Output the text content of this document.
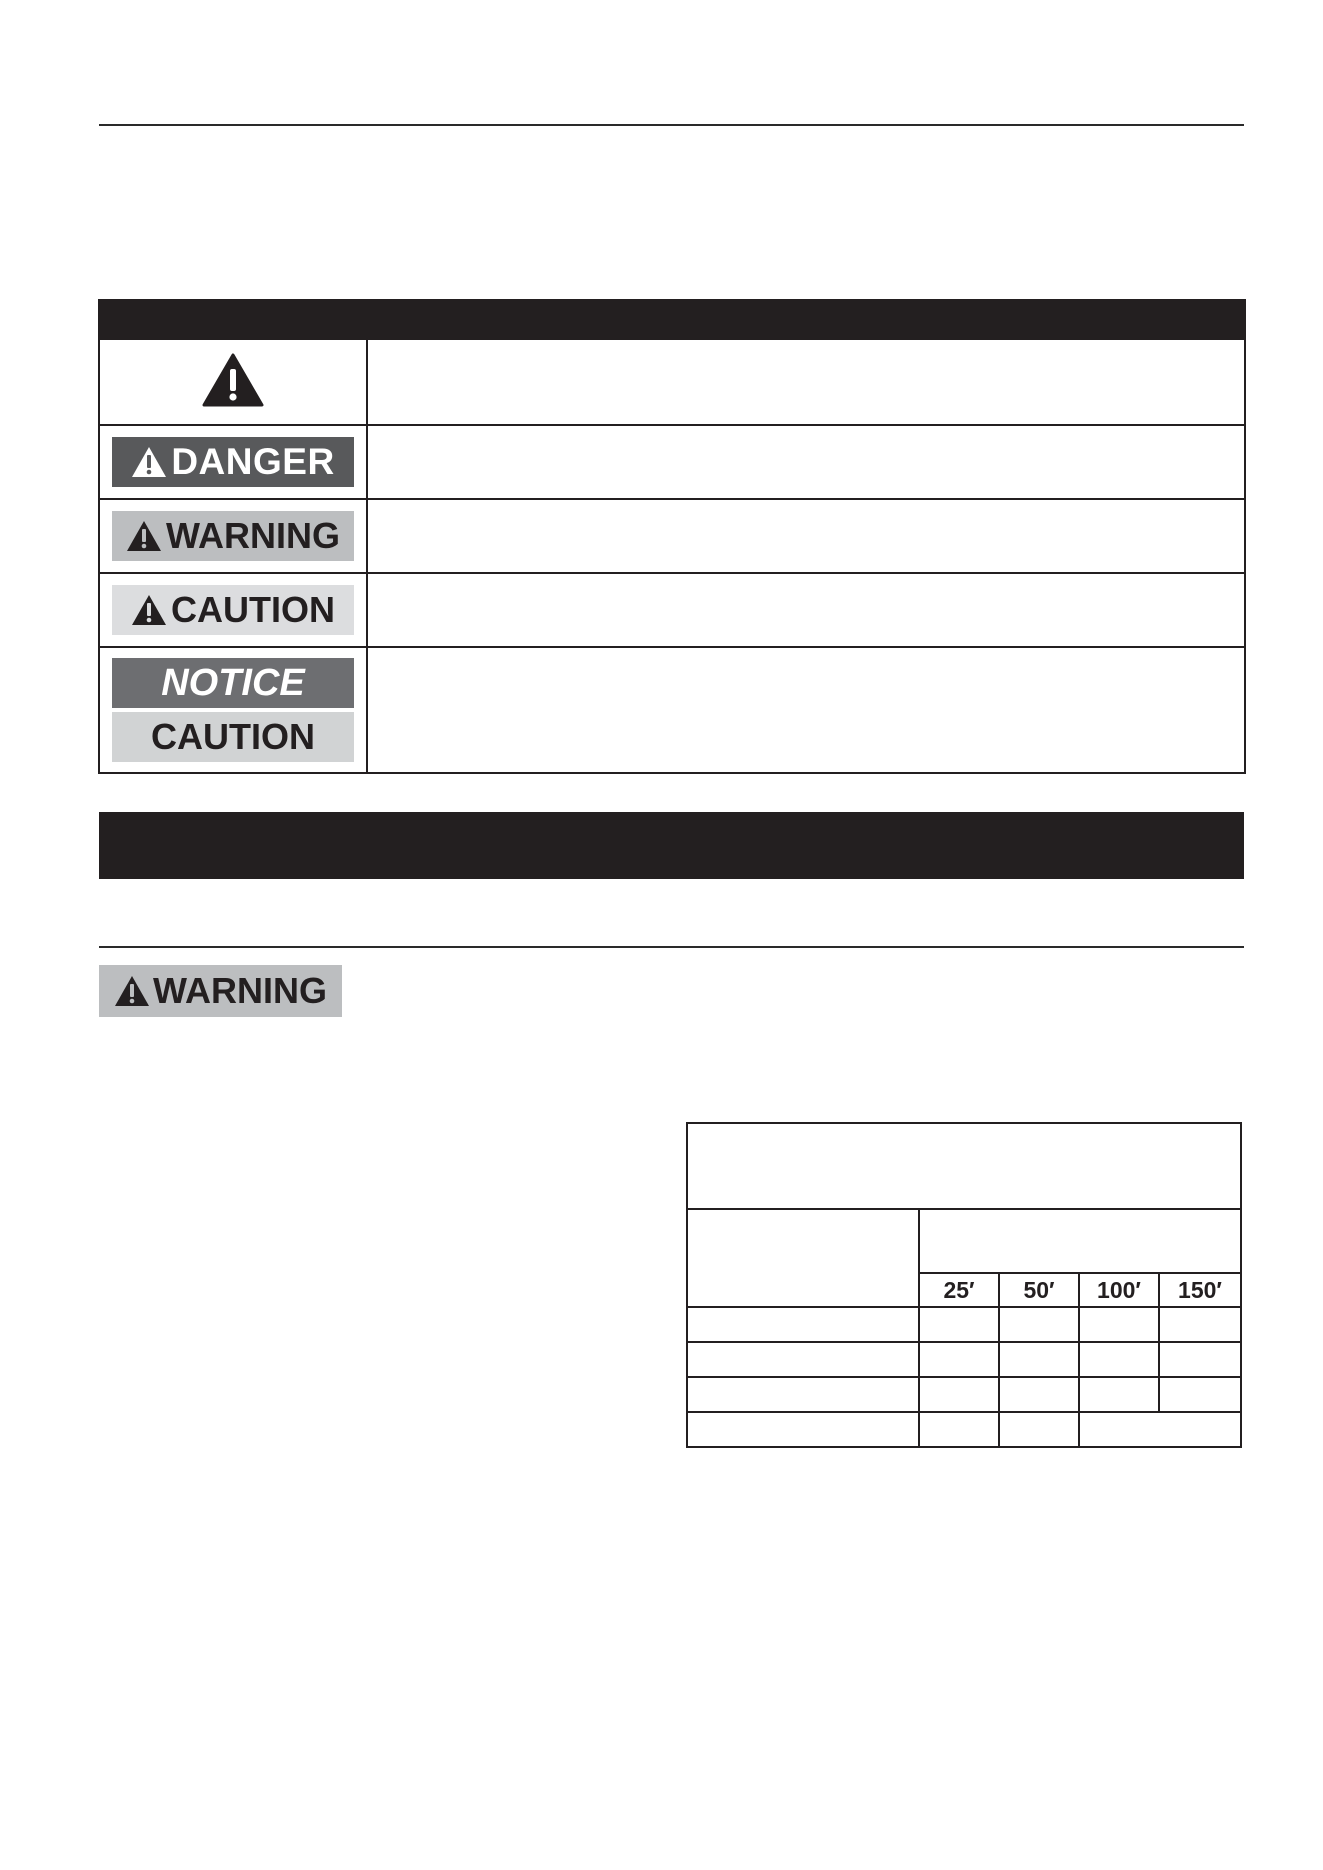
DANGER	

WARNING	

CAUTION	

NOTICE
CAUTION	

WARNING

	25′	50′	100′	150′
